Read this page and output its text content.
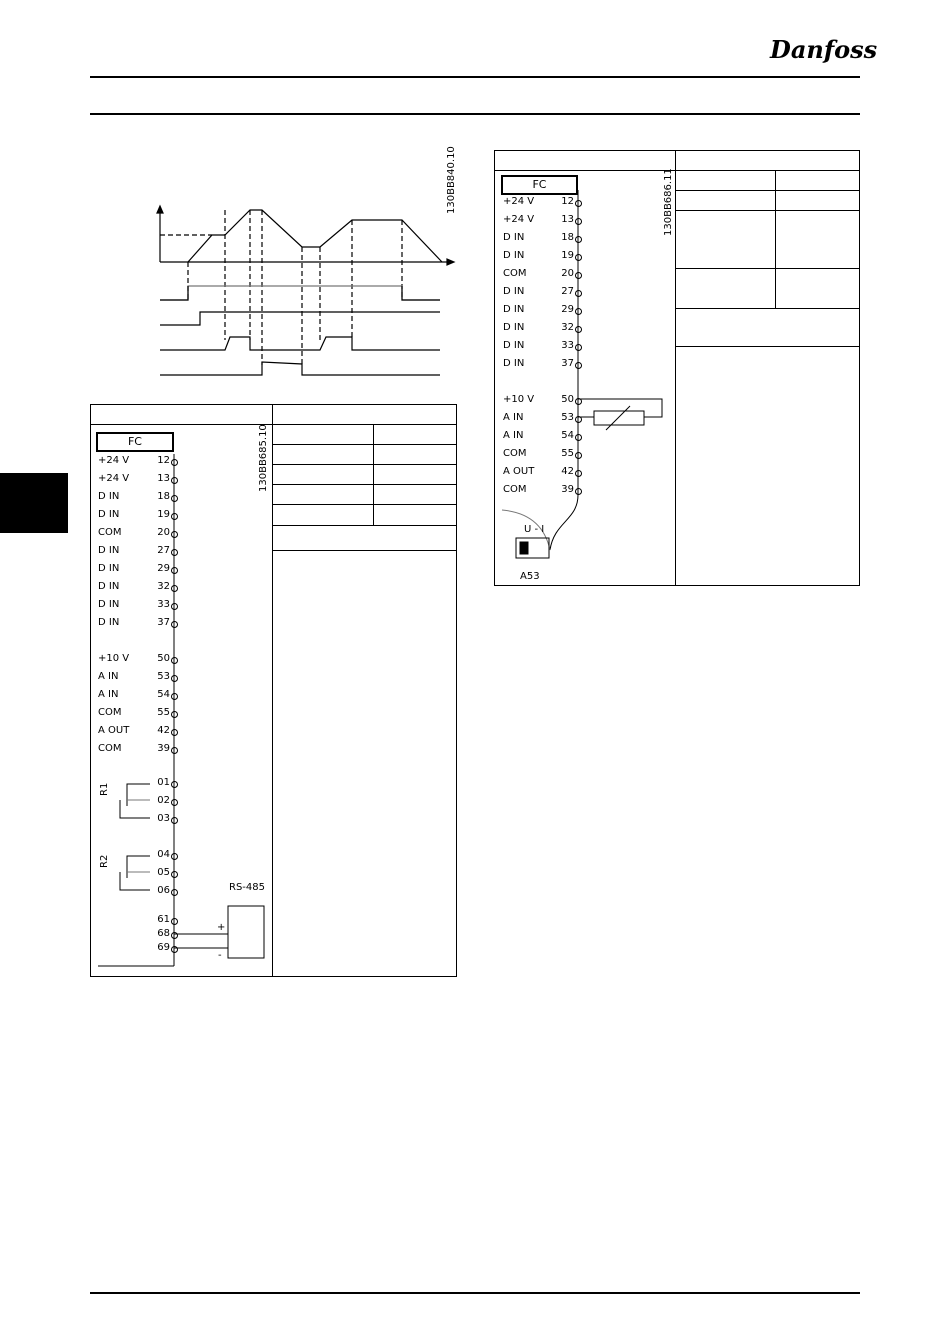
Danfoss
130BB840.10
FC	130BB685.10
+24 V	12
+24 V	13
D IN	18
D IN	19
COM	20
D IN	27
D IN	29
D IN	32
D IN	33
D IN	37
+10 V	50
A IN	53
A IN	54
COM	55
A OUT	42
COM	39
01
02
03
04
05
06
61
68
69
R1
R2
RS-485
+
-
FC	130BB686.11
+24 V	12
+24 V	13
D IN	18
D IN	19
COM	20
D IN	27
D IN	29
D IN	32
D IN	33
D IN	37
+10 V	50
A IN	53
A IN	54
COM	55
A OUT	42
COM	39
U - I
A53
